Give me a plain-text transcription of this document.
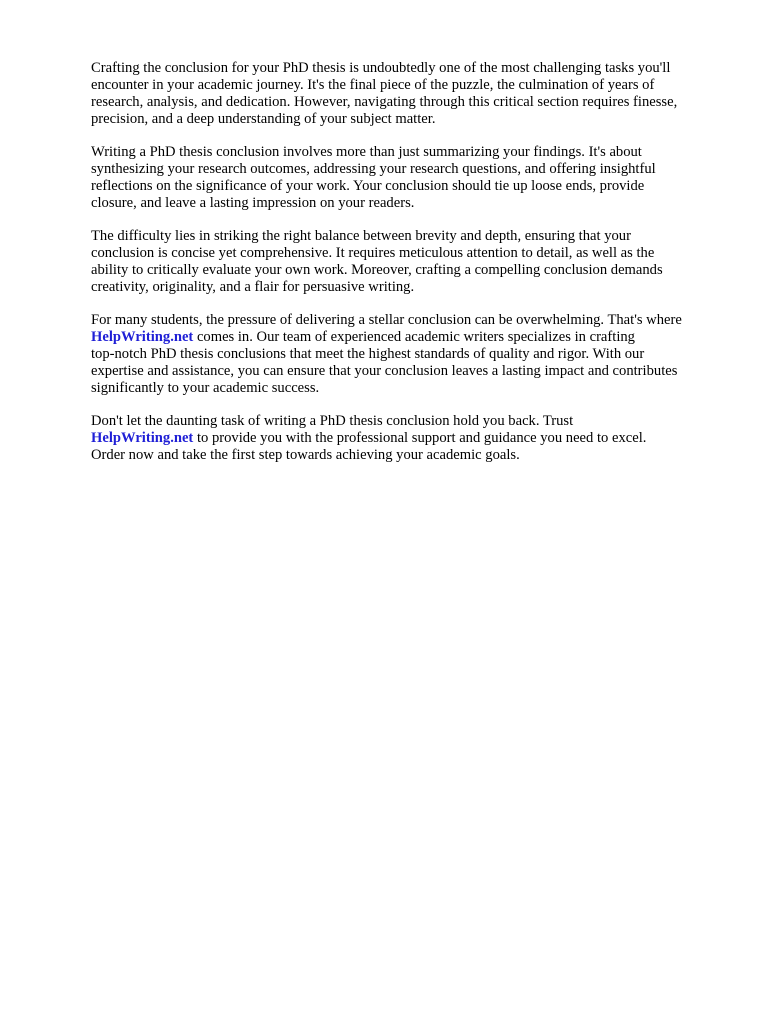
Crafting the conclusion for your PhD thesis is undoubtedly one of the most challenging tasks you'll
encounter in your academic journey. It's the final piece of the puzzle, the culmination of years of
research, analysis, and dedication. However, navigating through this critical section requires finesse,
precision, and a deep understanding of your subject matter.

Writing a PhD thesis conclusion involves more than just summarizing your findings. It's about
synthesizing your research outcomes, addressing your research questions, and offering insightful
reflections on the significance of your work. Your conclusion should tie up loose ends, provide
closure, and leave a lasting impression on your readers.

The difficulty lies in striking the right balance between brevity and depth, ensuring that your
conclusion is concise yet comprehensive. It requires meticulous attention to detail, as well as the
ability to critically evaluate your own work. Moreover, crafting a compelling conclusion demands
creativity, originality, and a flair for persuasive writing.

For many students, the pressure of delivering a stellar conclusion can be overwhelming. That's where
HelpWriting.net comes in. Our team of experienced academic writers specializes in crafting
top-notch PhD thesis conclusions that meet the highest standards of quality and rigor. With our
expertise and assistance, you can ensure that your conclusion leaves a lasting impact and contributes
significantly to your academic success.

Don't let the daunting task of writing a PhD thesis conclusion hold you back. Trust
HelpWriting.net to provide you with the professional support and guidance you need to excel.
Order now and take the first step towards achieving your academic goals.
